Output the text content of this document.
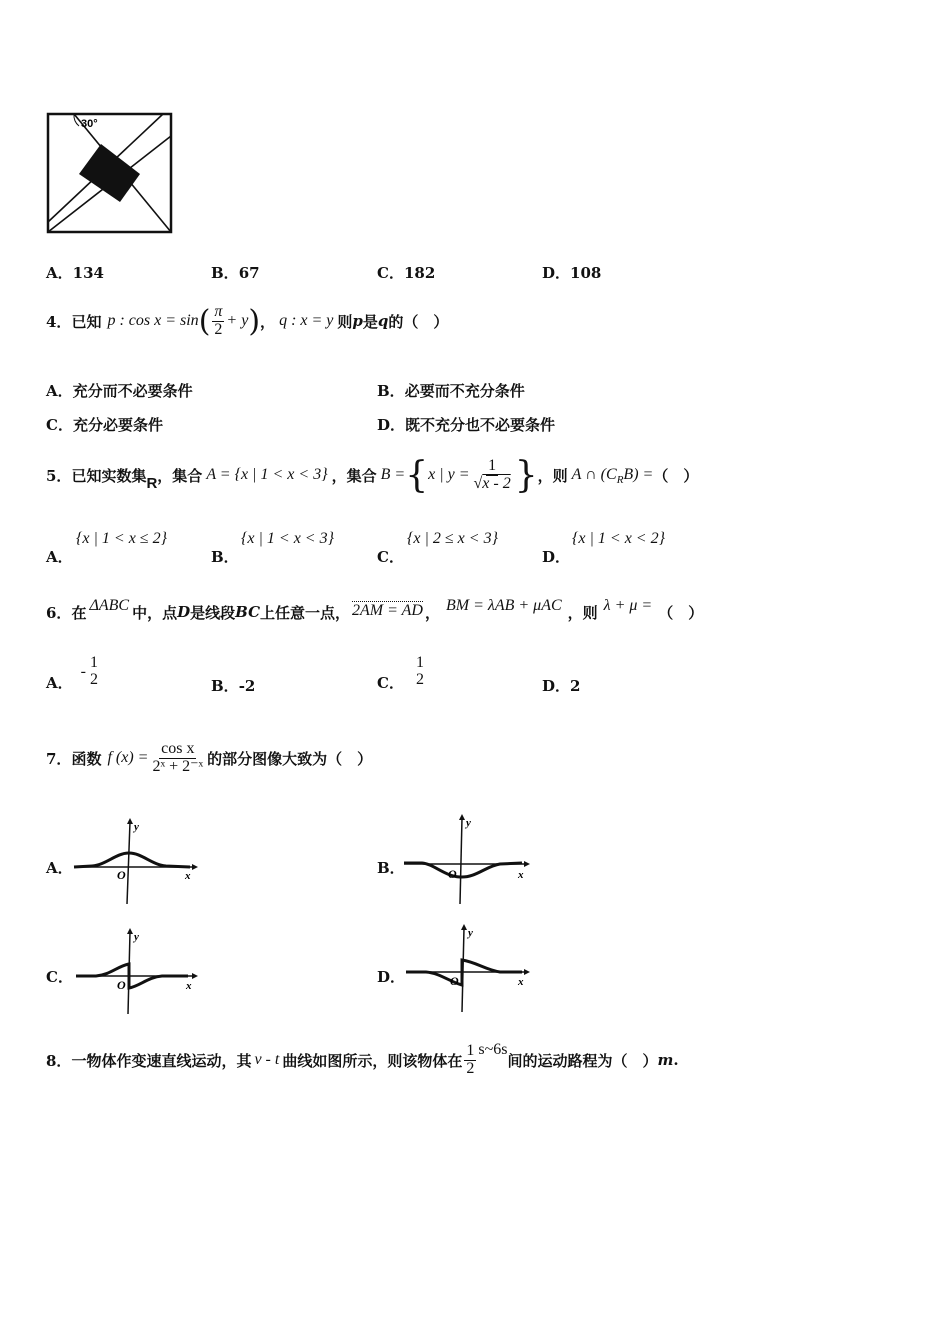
30°
A．134	B．67	C．182	D．108
4． 已知 p : cos x = sin ( $\frac{\pi}{2} + y$ ) ， q : x = y 则 p 是 q 的（　）
A．充分而不必要条件	B．必要而不充分条件
C．充分必要条件	D．既不充分也不必要条件
5． 已知实数集 R ，集合 A = {x | 1 < x < 3} ，集合 B = { x | $y = \frac{1}{√x - 2}$ } ，则 A ∩ (C R B) = （　）
A．
{x | 1 < x ≤ 2}
B．
{x | 1 < x < 3}
C．
{x | 2 ≤ x < 3}
D．
{x | 1 < x < 2}
6． 在 ΔABC 中，点 D 是线段 BC 上任意一点， 2AM = AD ， BM = λAB + μAC ，则 λ + μ = （　）
A．
-
1
2	B．-2	C．
1
2	D．2
7． 函数 f $(x) = \frac{\text{cos x}}{\text{2ˣ + 2⁻ˣ}}$ 的部分图像大致为（　）
A．
y
x
O	B．
y
x
O
C．
y
x
O	D．
y
x
O
8． 一物体作变速直线运动，其 v - t 曲线如图所示，则该物体在 $\frac{1}{2}$ s~6s
间的运动路程为（　） m .
